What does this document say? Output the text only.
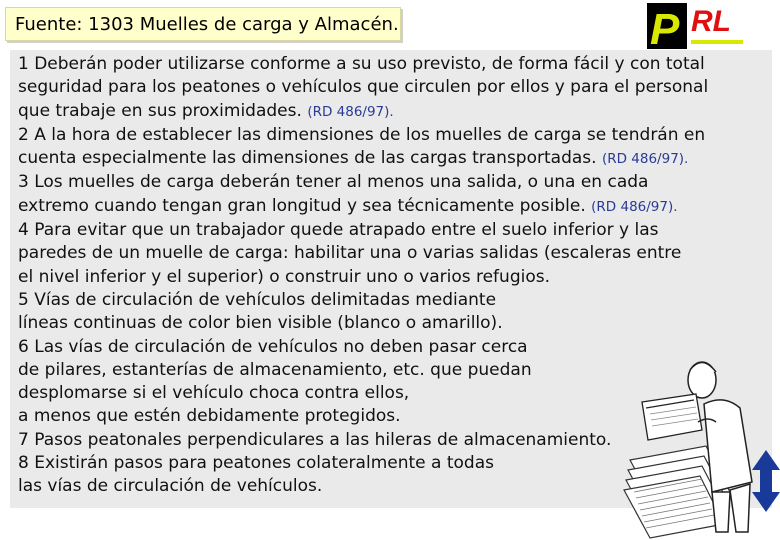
Fuente: 1303 Muelles de carga y Almacén.	P RL
1 Deberán poder utilizarse conforme a su uso previsto, de forma fácil y con total
seguridad para los peatones o vehículos que circulen por ellos y para el personal
que trabaje en sus proximidades. (RD 486/97).
2 A la hora de establecer las dimensiones de los muelles de carga se tendrán en
cuenta especialmente las dimensiones de las cargas transportadas. (RD 486/97).
3 Los muelles de carga deberán tener al menos una salida, o una en cada
extremo cuando tengan gran longitud y sea técnicamente posible. (RD 486/97).
4 Para evitar que un trabajador quede atrapado entre el suelo inferior y las
paredes de un muelle de carga: habilitar una o varias salidas (escaleras entre
el nivel inferior y el superior) o construir uno o varios refugios.
5 Vías de circulación de vehículos delimitadas mediante
líneas continuas de color bien visible (blanco o amarillo).
6 Las vías de circulación de vehículos no deben pasar cerca
de pilares, estanterías de almacenamiento, etc. que puedan
desplomarse si el vehículo choca contra ellos,
a menos que estén debidamente protegidos.
7 Pasos peatonales perpendiculares a las hileras de almacenamiento.
8 Existirán pasos para peatones colateralmente a todas
las vías de circulación de vehículos.
